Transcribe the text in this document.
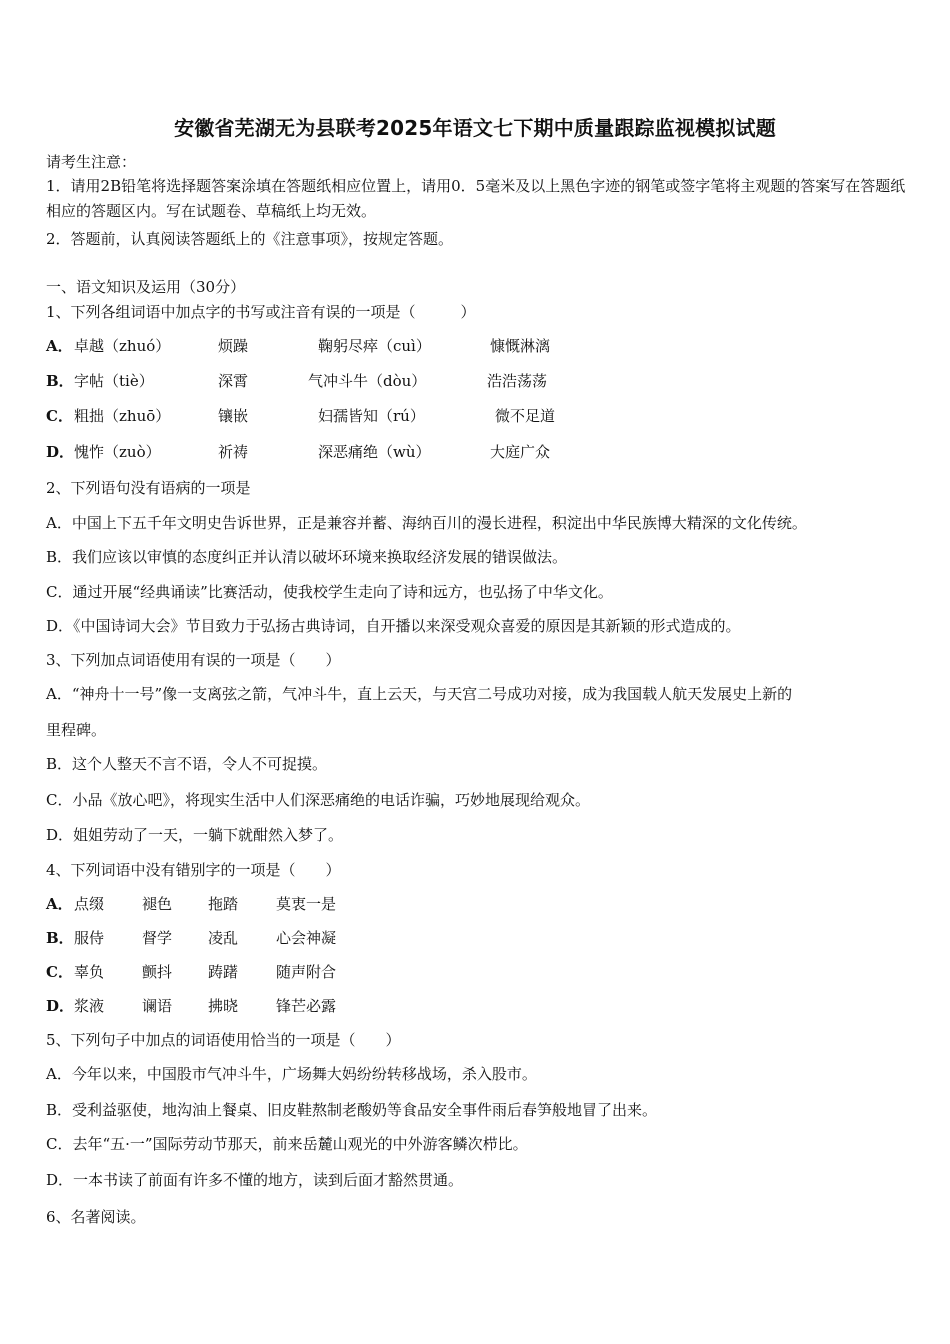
安徽省芜湖无为县联考2025年语文七下期中质量跟踪监视模拟试题
请考生注意：
1．请用2B铅笔将选择题答案涂填在答题纸相应位置上，请用0．5毫米及以上黑色字迹的钢笔或签字笔将主观题的答案写在答题纸相应的答题区内。写在试题卷、草稿纸上均无效。
2．答题前，认真阅读答题纸上的《注意事项》，按规定答题。
一、语文知识及运用（30分）
1、下列各组词语中加点字的书写或注音有误的一项是（　　　）
A．卓越（zhuó）	烦躁	鞠躬尽瘁（cuì）	慷慨淋漓
B．字帖（tiè）	深霄	气冲斗牛（dòu）	浩浩荡荡
C．粗拙（zhuō）	镶嵌	妇孺皆知（rú）	微不足道
D．愧怍（zuò）	祈祷	深恶痛绝（wù）	大庭广众
2、下列语句没有语病的一项是
A．中国上下五千年文明史告诉世界，正是兼容并蓄、海纳百川的漫长进程，积淀出中华民族博大精深的文化传统。
B．我们应该以审慎的态度纠正并认清以破坏环境来换取经济发展的错误做法。
C．通过开展“经典诵读”比赛活动，使我校学生走向了诗和远方，也弘扬了中华文化。
D．《中国诗词大会》节目致力于弘扬古典诗词，自开播以来深受观众喜爱的原因是其新颖的形式造成的。
3、下列加点词语使用有误的一项是（　　）
A．“神舟十一号”像一支离弦之箭，气冲斗牛，直上云天，与天宫二号成功对接，成为我国载人航天发展史上新的
里程碑。
B．这个人整天不言不语，令人不可捉摸。
C．小品《放心吧》，将现实生活中人们深恶痛绝的电话诈骗，巧妙地展现给观众。
D．姐姐劳动了一天，一躺下就酣然入梦了。
4、下列词语中没有错别字的一项是（　　）
A．点缀	褪色 拖踏	莫衷一是
B．服侍	督学 凌乱	心会神凝
C．辜负	颤抖 踌躇	随声附合
D．浆液	谰语 拂晓	锋芒必露
5、下列句子中加点的词语使用恰当的一项是（　　）
A．今年以来，中国股市气冲斗牛，广场舞大妈纷纷转移战场，杀入股市。
B．受利益驱使，地沟油上餐桌、旧皮鞋熬制老酸奶等食品安全事件雨后春笋般地冒了出来。
C．去年“五·一”国际劳动节那天，前来岳麓山观光的中外游客鳞次栉比。
D．一本书读了前面有许多不懂的地方，读到后面才豁然贯通。
6、名著阅读。
